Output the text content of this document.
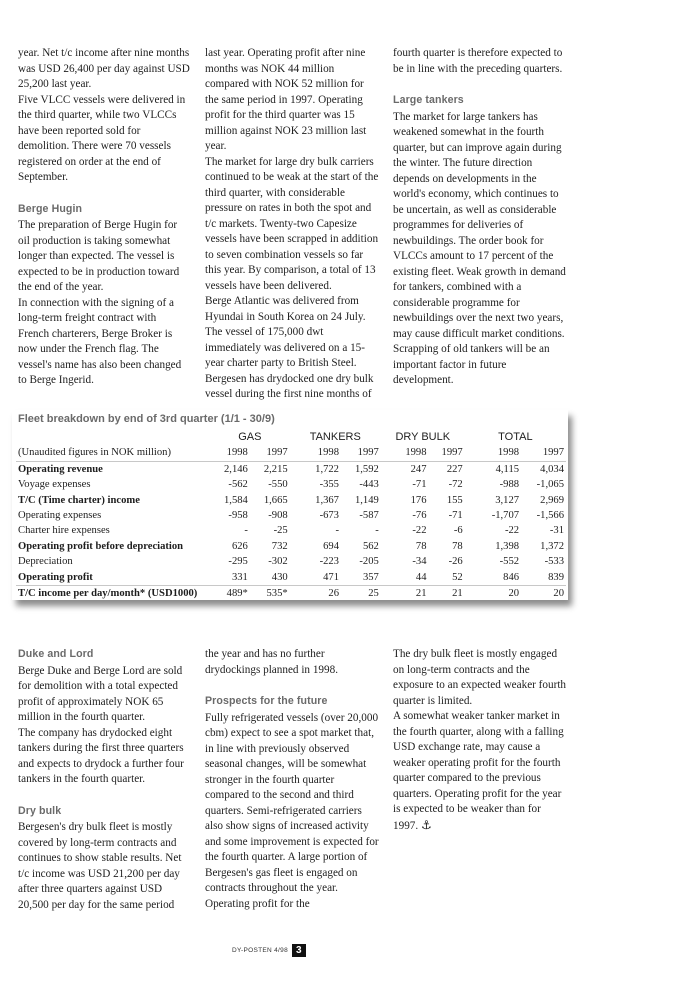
year. Net t/c income after nine months was USD 26,400 per day against USD 25,200 last year.

Five VLCC vessels were delivered in the third quarter, while two VLCCs have been reported sold for demolition. There were 70 vessels registered on order at the end of September.

Berge Hugin

The preparation of Berge Hugin for oil production is taking somewhat longer than expected. The vessel is expected to be in production toward the end of the year.

In connection with the signing of a long-term freight contract with French charterers, Berge Broker is now under the French flag. The vessel's name has also been changed to Berge Ingerid.

last year. Operating profit after nine months was NOK 44 million compared with NOK 52 million for the same period in 1997. Operating profit for the third quarter was 15 million against NOK 23 million last year.

The market for large dry bulk carriers continued to be weak at the start of the third quarter, with considerable pressure on rates in both the spot and t/c markets. Twenty-two Capesize vessels have been scrapped in addition to seven combination vessels so far this year. By comparison, a total of 13 vessels have been delivered.

Berge Atlantic was delivered from Hyundai in South Korea on 24 July. The vessel of 175,000 dwt immediately was delivered on a 15-year charter party to British Steel.

Bergesen has drydocked one dry bulk vessel during the first nine months of

fourth quarter is therefore expected to be in line with the preceding quarters.

Large tankers

The market for large tankers has weakened somewhat in the fourth quarter, but can improve again during the winter. The future direction depends on developments in the world's economy, which continues to be uncertain, as well as considerable programmes for deliveries of newbuildings. The order book for VLCCs amount to 17 percent of the existing fleet. Weak growth in demand for tankers, combined with a considerable programme for newbuildings over the next two years, may cause difficult market conditions. Scrapping of old tankers will be an important factor in future development.

Fleet breakdown by end of 3rd quarter (1/1 - 30/9)
	GAS		TANKERS		DRY BULK		TOTAL	
(Unaudited figures in NOK million)	1998	1997	1998	1997	1998	1997	1998	1997
Operating revenue	2,146	2,215	1,722	1,592	247	227	4,115	4,034
Voyage expenses	-562	-550	-355	-443	-71	-72	-988	-1,065
T/C (Time charter) income	1,584	1,665	1,367	1,149	176	155	3,127	2,969
Operating expenses	-958	-908	-673	-587	-76	-71	-1,707	-1,566
Charter hire expenses	-	-25	-	-	-22	-6	-22	-31
Operating profit before depreciation	626	732	694	562	78	78	1,398	1,372
Depreciation	-295	-302	-223	-205	-34	-26	-552	-533
Operating profit	331	430	471	357	44	52	846	839
T/C income per day/month* (USD1000)	489*	535*	26	25	21	21	20	20
Duke and Lord

Berge Duke and Berge Lord are sold for demolition with a total expected profit of approximately NOK 65 million in the fourth quarter.

The company has drydocked eight tankers during the first three quarters and expects to drydock a further four tankers in the fourth quarter.

Dry bulk

Bergesen's dry bulk fleet is mostly covered by long-term contracts and continues to show stable results. Net t/c income was USD 21,200 per day after three quarters against USD 20,500 per day for the same period

the year and has no further drydockings planned in 1998.

Prospects for the future

Fully refrigerated vessels (over 20,000 cbm) expect to see a spot market that, in line with previously observed seasonal changes, will be somewhat stronger in the fourth quarter compared to the second and third quarters. Semi-refrigerated carriers also show signs of increased activity and some improvement is expected for the fourth quarter. A large portion of Bergesen's gas fleet is engaged on contracts throughout the year. Operating profit for the

The dry bulk fleet is mostly engaged on long-term contracts and the exposure to an expected weaker fourth quarter is limited.

A somewhat weaker tanker market in the fourth quarter, along with a falling USD exchange rate, may cause a weaker operating profit for the fourth quarter compared to the previous quarters. Operating profit for the year is expected to be weaker than for 1997. ⚓

DY-POSTEN 4/98 3
